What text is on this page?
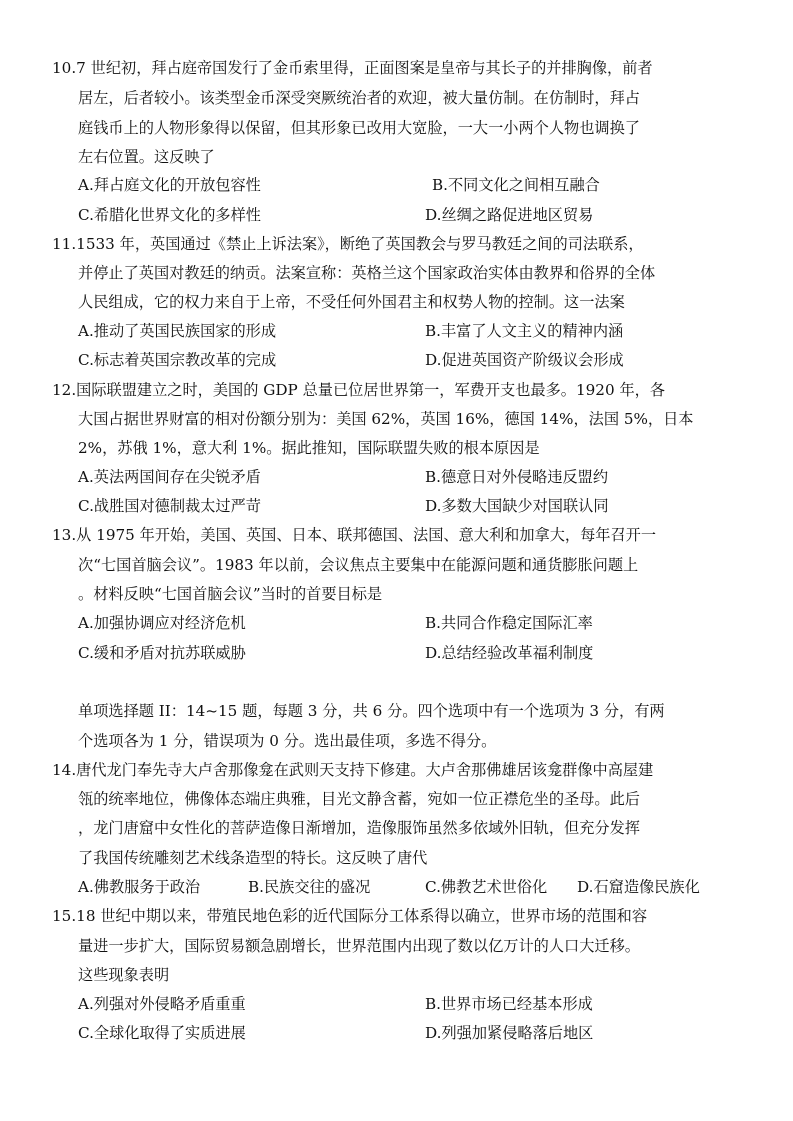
10.7 世纪初，拜占庭帝国发行了金币索里得，正面图案是皇帝与其长子的并排胸像，前者
居左，后者较小。该类型金币深受突厥统治者的欢迎，被大量仿制。在仿制时，拜占
庭钱币上的人物形象得以保留，但其形象已改用大宽脸，一大一小两个人物也调换了
左右位置。这反映了
A.拜占庭文化的开放包容性	B.不同文化之间相互融合
C.希腊化世界文化的多样性	D.丝绸之路促进地区贸易
11.1533 年，英国通过《禁止上诉法案》，断绝了英国教会与罗马教廷之间的司法联系，
并停止了英国对教廷的纳贡。法案宣称：英格兰这个国家政治实体由教界和俗界的全体
人民组成，它的权力来自于上帝，不受任何外国君主和权势人物的控制。这一法案
A.推动了英国民族国家的形成	B.丰富了人文主义的精神内涵
C.标志着英国宗教改革的完成	D.促进英国资产阶级议会形成
12.国际联盟建立之时，美国的 GDP 总量已位居世界第一，军费开支也最多。1920 年，各
大国占据世界财富的相对份额分别为：美国 62%，英国 16%，德国 14%，法国 5%，日本
2%，苏俄 1%，意大利 1%。据此推知，国际联盟失败的根本原因是
A.英法两国间存在尖锐矛盾	B.德意日对外侵略违反盟约
C.战胜国对德制裁太过严苛	D.多数大国缺少对国联认同
13.从 1975 年开始，美国、英国、日本、联邦德国、法国、意大利和加拿大，每年召开一
次“七国首脑会议”。1983 年以前，会议焦点主要集中在能源问题和通货膨胀问题上
。材料反映“七国首脑会议”当时的首要目标是
A.加强协调应对经济危机	B.共同合作稳定国际汇率
C.缓和矛盾对抗苏联威胁	D.总结经验改革福利制度
单项选择题 II：14~15 题，每题 3 分，共 6 分。四个选项中有一个选项为 3 分，有两
个选项各为 1 分，错误项为 0 分。选出最佳项，多选不得分。
14.唐代龙门奉先寺大卢舍那像龛在武则天支持下修建。大卢舍那佛雄居该龛群像中高屋建
瓴的统率地位，佛像体态端庄典雅，目光文静含蓄，宛如一位正襟危坐的圣母。此后
，龙门唐窟中女性化的菩萨造像日渐增加，造像服饰虽然多依域外旧轨，但充分发挥
了我国传统雕刻艺术线条造型的特长。这反映了唐代
A.佛教服务于政治	B.民族交往的盛况	C.佛教艺术世俗化 D.石窟造像民族化
15.18 世纪中期以来，带殖民地色彩的近代国际分工体系得以确立，世界市场的范围和容
量进一步扩大，国际贸易额急剧增长，世界范围内出现了数以亿万计的人口大迁移。
这些现象表明
A.列强对外侵略矛盾重重	B.世界市场已经基本形成
C.全球化取得了实质进展	D.列强加紧侵略落后地区
